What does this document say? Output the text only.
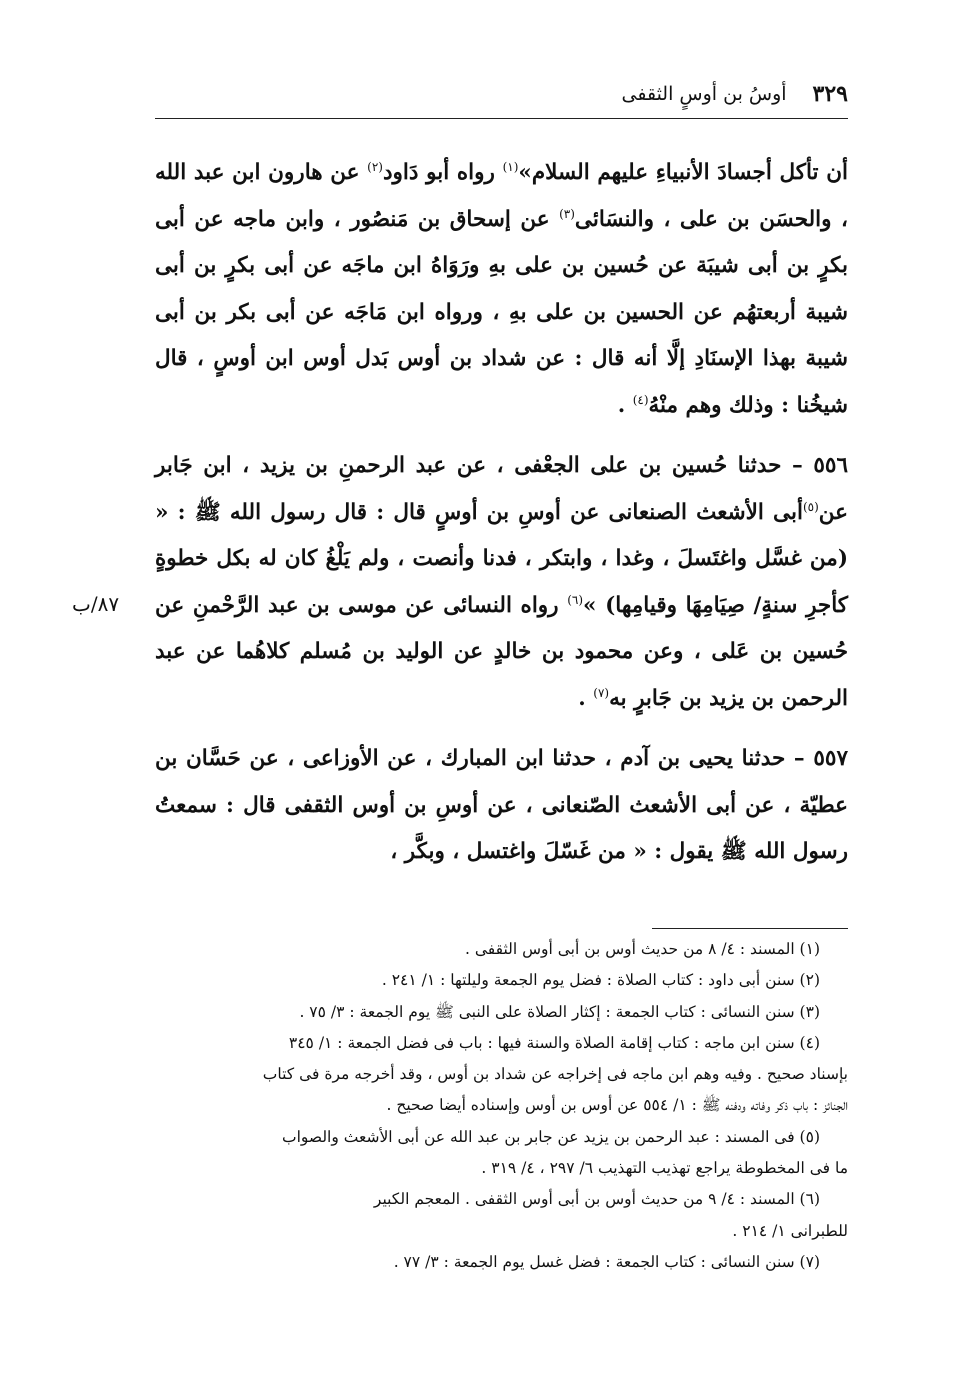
٣٢٩
أوسُ بن أوسٍ الثقفى
٨٧/ب

أن تأكل أجسادَ الأنبياءِ عليهم السلام»$^{(١)}$ رواه أبو دَاود$^{(٢)}$ عن هارون ابن عبد الله ، والحسَن بن على ، والنسَائى$^{(٣)}$ عن إسحاق بن مَنصُور ، وابن ماجه عن أبى بكرٍ بن أبى شيبَة عن حُسين بن على بهِ ورَوَاهُ ابن ماجَه عن أبى بكرٍ بن أبى شيبة أربعتهُم عن الحسين بن على بهِ ، ورواه ابن مَاجَه عن أبى بكر بن أبى شيبة بهذا الإسنَادِ إلَّا أنه قال : عن شداد بن أوس بَدل أوس ابن أوسٍ ، قال شيخُنا : وذلك وهم منْهُ$^{(٤)}$ .

٥٥٦ – حدثنا حُسين بن على الجعْفى ، عن عبد الرحمنِ بن يزيد ، ابن جَابر عن$^{(٥)}$أبى الأشعث الصنعانى عن أوسِ بن أوسٍ قال : قال رسول الله ﷺ : « (من غسَّل واغتَسلَ ، وغدا ، وابتكر ، فدنا وأنصت ، ولم يَلْغُ كان له بكل خطوةٍ كأجرِ سنةٍ/ صِيَامِهَا وقيامِها) »$^{(٦)}$ رواه النسائى عن موسى بن عبد الرَّحْمنِ عن حُسين بن عَلى ، وعن محمود بن خالدٍ عن الوليد بن مُسلم كلاهُما عن عبد الرحمن بن يزيد بن جَابرٍ به$^{(٧)}$ .

٥٥٧ – حدثنا يحيى بن آدم ، حدثنا ابن المبارك ، عن الأوزاعى ، عن حَسَّان بن عطيّة ، عن أبى الأشعث الصّنعانى ، عن أوسِ بن أوس الثقفى قال : سمعتُ رسول الله ﷺ يقول : « من غَسّلَ واغتسل ، وبكَّر ،

(١) المسند : ٤/ ٨ من حديث أوس بن أبى أوس الثقفى .

(٢) سنن أبى داود : كتاب الصلاة : فضل يوم الجمعة وليلتها : ١/ ٢٤١ .

(٣) سنن النسائى : كتاب الجمعة : إكثار الصلاة على النبى ﷺ يوم الجمعة : ٣/ ٧٥ .

(٤) سنن ابن ماجه : كتاب إقامة الصلاة والسنة فيها : باب فى فضل الجمعة : ١/ ٣٤٥

بإسناد صحيح . وفيه وهم ابن ماجه فى إخراجه عن شداد بن أوس ، وقد أخرجه مرة فى كتاب

الجنائز : باب ذكر وفاته ودفنه ﷺ : ١/ ٥٥٤ عن أوس بن أوس وإسناده أيضا صحيح .

(٥) فى المسند : عبد الرحمن بن يزيد عن جابر بن عبد الله عن أبى الأشعث والصواب

ما فى المخطوطة يراجع تهذيب التهذيب ٦/ ٢٩٧ ، ٤/ ٣١٩ .

(٦) المسند : ٤/ ٩ من حديث أوس بن أبى أوس الثقفى . المعجم الكبير

للطبرانى ١/ ٢١٤ .

(٧) سنن النسائى : كتاب الجمعة : فضل غسل يوم الجمعة : ٣/ ٧٧ .
